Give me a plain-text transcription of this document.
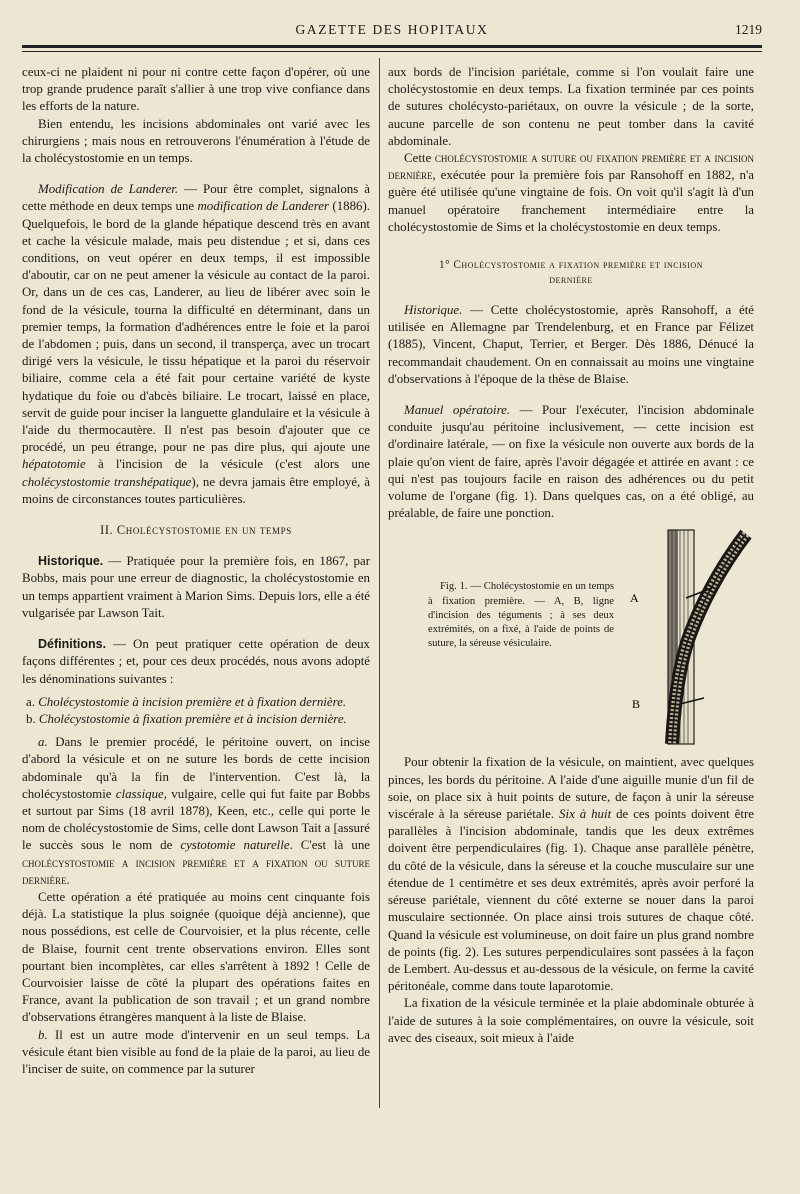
GAZETTE DES HOPITAUX	1219

ceux-ci ne plaident ni pour ni contre cette façon d'opérer, où une trop grande prudence paraît s'allier à une trop vive confiance dans les efforts de la nature.

Bien entendu, les incisions abdominales ont varié avec les chirurgiens ; mais nous en retrouverons l'énumération à l'étude de la cholécystostomie en un temps.

Modification de Landerer. — Pour être complet, signalons à cette méthode en deux temps une modification de Landerer (1886). Quelquefois, le bord de la glande hépatique descend très en avant et cache la vésicule malade, mais peu distendue ; et si, dans ces conditions, on veut opérer en deux temps, il est impossible d'aboutir, car on ne peut amener la vésicule au contact de la paroi. Or, dans un de ces cas, Landerer, au lieu de libérer avec soin le fond de la vésicule, tourna la difficulté en déterminant, dans un premier temps, la formation d'adhérences entre le foie et la paroi de l'abdomen ; puis, dans un second, il transperça, avec un trocart dirigé vers la vésicule, le tissu hépatique et la paroi du réservoir biliaire, comme cela a été fait pour certaine variété de kyste hydatique du foie ou d'abcès biliaire. Le trocart, laissé en place, servit de guide pour inciser la languette glandulaire et la vésicule à l'aide du thermocautère. Il n'est pas besoin d'ajouter que ce procédé, un peu étrange, pour ne pas dire plus, qui ajoute une hépatotomie à l'incision de la vésicule (c'est alors une cholécystostomie transhépatique), ne devra jamais être employé, à moins de circonstances toutes particulières.

II. Cholécystostomie en un temps

Historique. — Pratiquée pour la première fois, en 1867, par Bobbs, mais pour une erreur de diagnostic, la cholécystostomie en un temps appartient vraiment à Marion Sims. Depuis lors, elle a été vulgarisée par Lawson Tait.

Définitions. — On peut pratiquer cette opération de deux façons différentes ; et, pour ces deux procédés, nous avons adopté les dénominations suivantes :

a. Cholécystostomie à incision première et à fixation dernière.

b. Cholécystostomie à fixation première et à incision dernière.

a. Dans le premier procédé, le péritoine ouvert, on incise d'abord la vésicule et on ne suture les bords de cette incision abdominale qu'à la fin de l'intervention. C'est là, la cholécystostomie classique, vulgaire, celle qui fut faite par Bobbs et surtout par Sims (18 avril 1878), Keen, etc., celle qui porte le nom de cholécystostomie de Sims, celle dont Lawson Tait a [assuré le succès sous le nom de cystotomie naturelle. C'est là une cholécystostomie a incision première et a fixation ou suture dernière.

Cette opération a été pratiquée au moins cent cinquante fois déjà. La statistique la plus soignée (quoique déjà ancienne), que nous possédions, est celle de Courvoisier, et la plus récente, celle de Blaise, fournit cent trente observations environ. Elles sont pourtant bien incomplètes, car elles s'arrêtent à 1892 ! Celle de Courvoisier laisse de côté la plupart des opérations faites en France, avant la publication de son travail ; et un grand nombre d'observations étrangères manquent à la liste de Blaise.

b. Il est un autre mode d'intervenir en un seul temps. La vésicule étant bien visible au fond de la plaie de la paroi, au lieu de l'inciser de suite, on commence par la suturer

aux bords de l'incision pariétale, comme si l'on voulait faire une cholécystostomie en deux temps. La fixation terminée par ces points de sutures cholécysto-pariétaux, on ouvre la vésicule ; de la sorte, aucune parcelle de son contenu ne peut tomber dans la cavité abdominale.

Cette cholécystostomie a suture ou fixation première et a incision dernière, exécutée pour la première fois par Ransohoff en 1882, n'a guère été utilisée qu'une vingtaine de fois. On voit qu'il s'agit là d'un manuel opératoire franchement intermédiaire entre la cholécystostomie de Sims et la cholécystostomie en deux temps.

1° Cholécystostomie a fixation première et incision
dernière

Historique. — Cette cholécystostomie, après Ransohoff, a été utilisée en Allemagne par Trendelenburg, et en France par Félizet (1885), Vincent, Chaput, Terrier, et Berger. Dès 1886, Dénucé la recommandait chaudement. On en connaissait au moins une vingtaine d'observations à l'époque de la thèse de Blaise.

Manuel opératoire. — Pour l'exécuter, l'incision abdominale conduite jusqu'au péritoine inclusivement, — cette incision est d'ordinaire latérale, — on fixe la vésicule non ouverte aux bords de la plaie qu'on vient de faire, après l'avoir dégagée et attirée en avant : ce qui n'est pas toujours facile en raison des adhérences ou du petit volume de l'organe (fig. 1). Dans quelques cas, on a été obligé, au préalable, de faire une ponction.

Fig. 1. — Cholécystostomie en un temps à fixation première. — A, B, ligne d'incision des téguments ; à ses deux extrémités, on a fixé, à l'aide de points de suture, la séreuse vésiculaire.
A
B

Pour obtenir la fixation de la vésicule, on maintient, avec quelques pinces, les bords du péritoine. A l'aide d'une aiguille munie d'un fil de soie, on place six à huit points de suture, de façon à unir la séreuse viscérale à la séreuse pariétale. Six à huit de ces points doivent être parallèles à l'incision abdominale, tandis que les deux extrêmes doivent être perpendiculaires (fig. 1). Chaque anse parallèle pénètre, du côté de la vésicule, dans la séreuse et la couche musculaire sur une étendue de 1 centimètre et ses deux extrémités, après avoir perforé la séreuse pariétale, viennent du côté externe se nouer dans la paroi musculaire sectionnée. On place ainsi trois sutures de chaque côté. Quand la vésicule est volumineuse, on doit faire un plus grand nombre de points (fig. 2). Les sutures perpendiculaires sont passées à la façon de Lembert. Au-dessus et au-dessous de la vésicule, on ferme la cavité péritonéale, comme dans toute laparotomie.

La fixation de la vésicule terminée et la plaie abdominale obturée à l'aide de sutures à la soie complémentaires, on ouvre la vésicule, soit avec des ciseaux, soit mieux à l'aide
